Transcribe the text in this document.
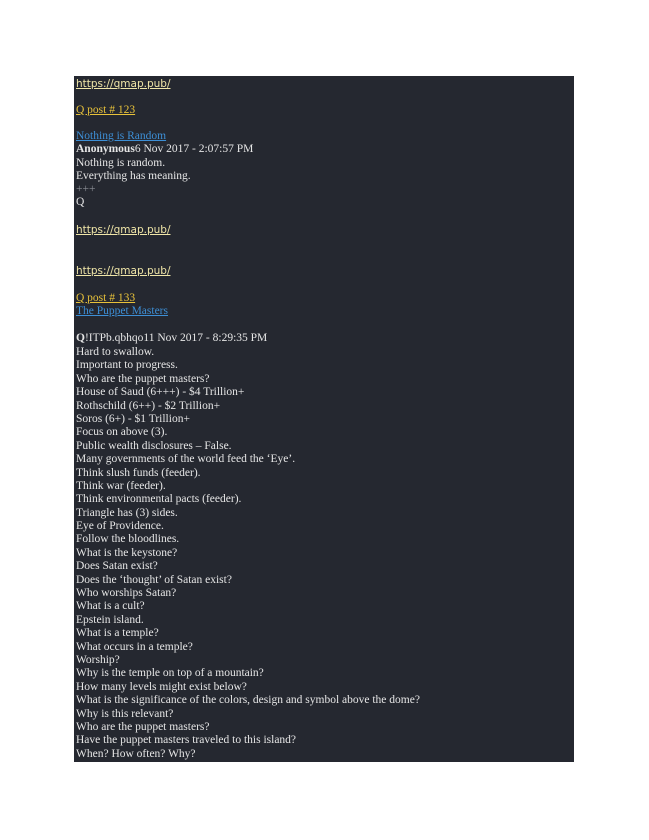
https://qmap.pub/
Q post # 123
Nothing is Random
Anonymous6 Nov 2017 - 2:07:57 PM
Nothing is random.
Everything has meaning.
+++
Q
https://qmap.pub/
https://qmap.pub/
Q post # 133
The Puppet Masters
Q!ITPb.qbhqo11 Nov 2017 - 8:29:35 PM
Hard to swallow.
Important to progress.
Who are the puppet masters?
House of Saud (6+++) - $4 Trillion+
Rothschild (6++) - $2 Trillion+
Soros (6+) - $1 Trillion+
Focus on above (3).
Public wealth disclosures – False.
Many governments of the world feed the ‘Eye’.
Think slush funds (feeder).
Think war (feeder).
Think environmental pacts (feeder).
Triangle has (3) sides.
Eye of Providence.
Follow the bloodlines.
What is the keystone?
Does Satan exist?
Does the ‘thought’ of Satan exist?
Who worships Satan?
What is a cult?
Epstein island.
What is a temple?
What occurs in a temple?
Worship?
Why is the temple on top of a mountain?
How many levels might exist below?
What is the significance of the colors, design and symbol above the dome?
Why is this relevant?
Who are the puppet masters?
Have the puppet masters traveled to this island?
When? How often? Why?
